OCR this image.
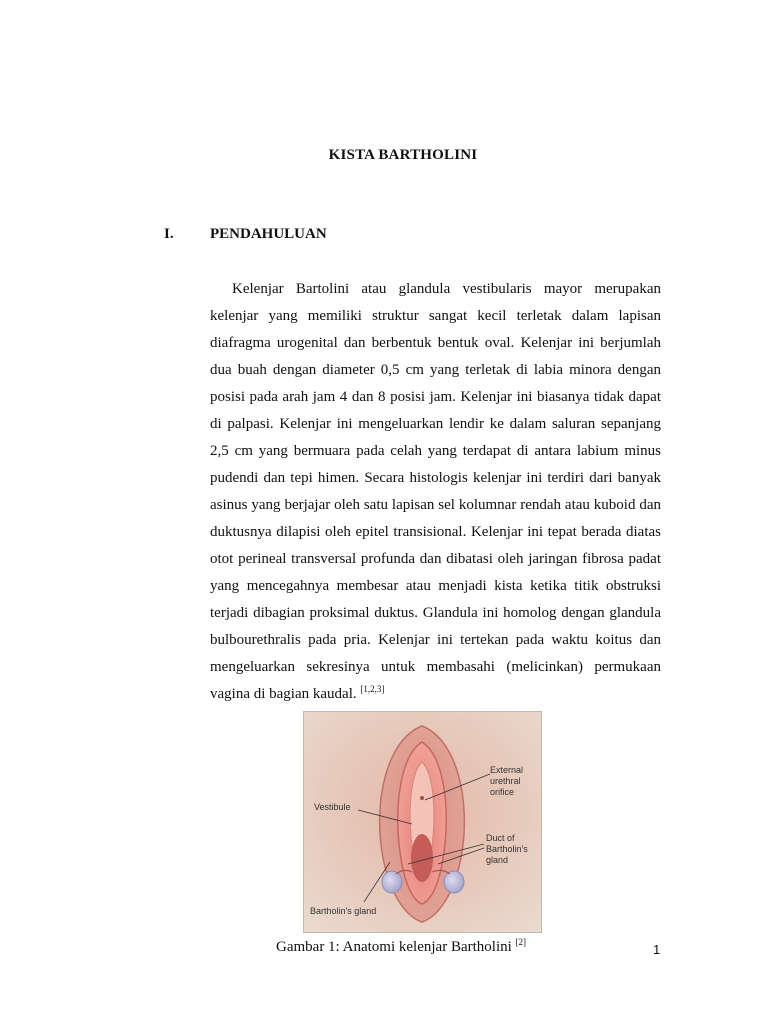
KISTA BARTHOLINI
I. PENDAHULUAN

Kelenjar Bartolini atau glandula vestibularis mayor merupakan kelenjar yang memiliki struktur sangat kecil terletak dalam lapisan diafragma urogenital dan berbentuk bentuk oval. Kelenjar ini berjumlah dua buah dengan diameter 0,5 cm yang terletak di labia minora dengan posisi pada arah jam 4 dan 8 posisi jam. Kelenjar ini biasanya tidak dapat di palpasi. Kelenjar ini mengeluarkan lendir ke dalam saluran sepanjang 2,5 cm yang bermuara pada celah yang terdapat di antara labium minus pudendi dan tepi himen. Secara histologis kelenjar ini terdiri dari banyak asinus yang berjajar oleh satu lapisan sel kolumnar rendah atau kuboid dan duktusnya dilapisi oleh epitel transisional. Kelenjar ini tepat berada diatas otot perineal transversal profunda dan dibatasi oleh jaringan fibrosa padat yang mencegahnya membesar atau menjadi kista ketika titik obstruksi terjadi dibagian proksimal duktus. Glandula ini homolog dengan glandula bulbourethralis pada pria. Kelenjar ini tertekan pada waktu koitus dan mengeluarkan sekresinya untuk membasahi (melicinkan) permukaan vagina di bagian kaudal. [1,2,3]

External
urethral
orifice
Vestibule
Duct of
Bartholin's
gland
Bartholin's gland
Gambar 1: Anatomi kelenjar Bartholini [2]	1
